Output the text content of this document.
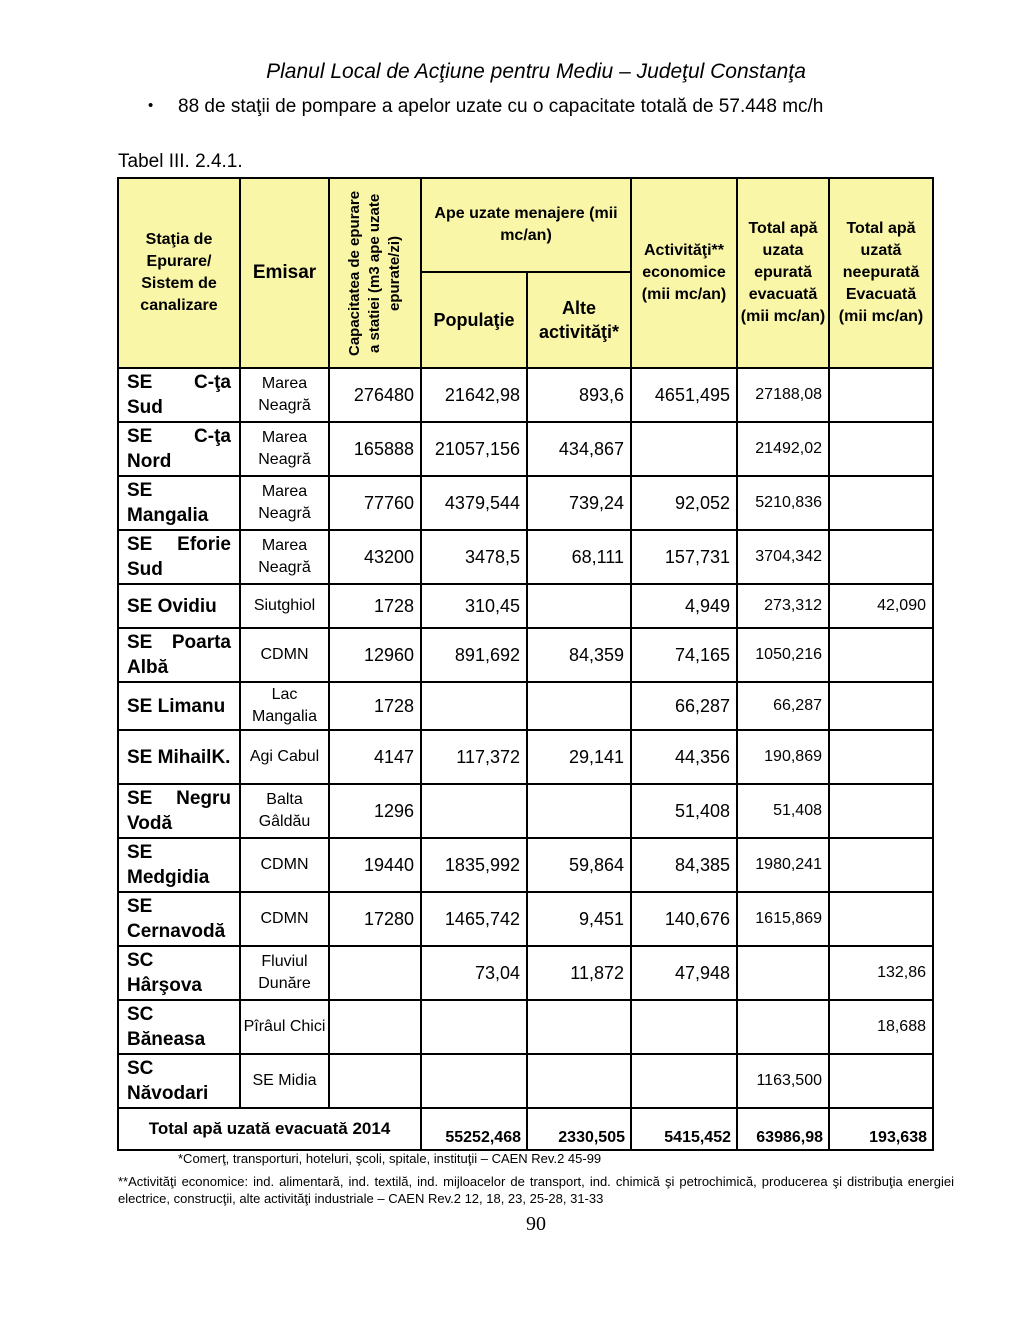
Planul Local de Acţiune pentru Mediu – Judeţul Constanţa
• 88 de staţii de pompare a apelor uzate cu o capacitate totală de 57.448 mc/h
Tabel III. 2.4.1.
Staţia de Epurare/ Sistem de canalizare	Emisar	Capacitatea de epurare a statiei (m3 ape uzate epurate/zi)	Ape uzate menajere (mii mc/an)		Activităţi** economice (mii mc/an)	Total apă uzata epurată evacuată (mii mc/an)	Total apă uzată neepurată Evacuată (mii mc/an)
			Populaţie	Alte activităţi*			
SE C-ţa Sud	Marea Neagră	276480	21642,98	893,6	4651,495	27188,08	
SE C-ţa Nord	Marea Neagră	165888	21057,156	434,867		21492,02	
SE Mangalia	Marea Neagră	77760	4379,544	739,24	92,052	5210,836	
SE Eforie Sud	Marea Neagră	43200	3478,5	68,111	157,731	3704,342	
SE Ovidiu	Siutghiol	1728	310,45		4,949	273,312	42,090
SE Poarta Albă	CDMN	12960	891,692	84,359	74,165	1050,216	
SE Limanu	Lac Mangalia	1728			66,287	66,287	
SE MihailK.	Agi Cabul	4147	117,372	29,141	44,356	190,869	
SE Negru Vodă	Balta Gâldău	1296			51,408	51,408	
SE Medgidia	CDMN	19440	1835,992	59,864	84,385	1980,241	
SE Cernavodă	CDMN	17280	1465,742	9,451	140,676	1615,869	
SC Hârşova	Fluviul Dunăre		73,04	11,872	47,948		132,86
SC Băneasa	Pîrâul Chici						18,688
SC Năvodari	SE Midia					1163,500	
Total apă uzată evacuată 2014			55252,468	2330,505	5415,452	63986,98	193,638
*Comerţ, transporturi, hoteluri, şcoli, spitale, instituţii – CAEN Rev.2 45-99
**Activităţi economice: ind. alimentară, ind. textilă, ind. mijloacelor de transport, ind. chimică şi petrochimică, producerea şi distribuţia energiei electrice, construcţii, alte activităţi industriale – CAEN Rev.2 12, 18, 23, 25-28, 31-33
90
